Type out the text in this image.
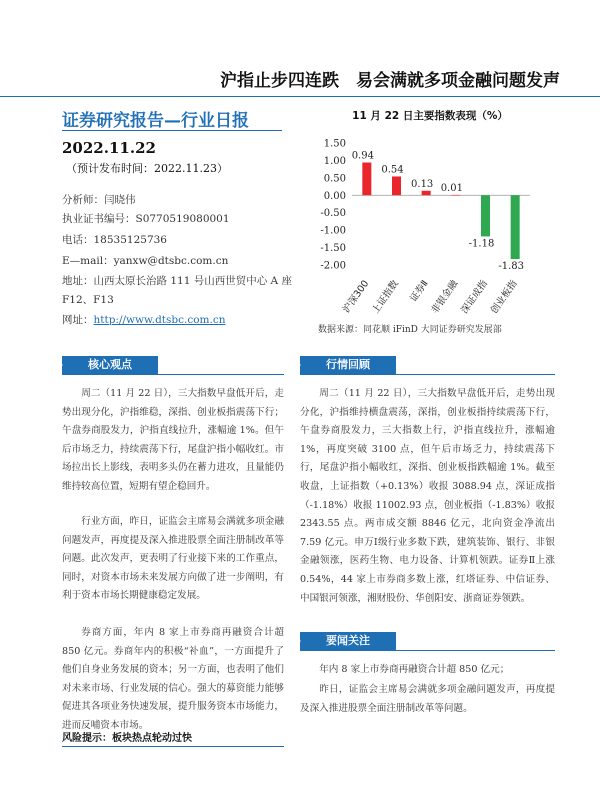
沪指止步四连跌　易会满就多项金融问题发声
证券研究报告—行业日报
2022.11.22
（预计发布时间：2022.11.23）
分析师：闫晓伟
执业证书编号：S0770519080001
电话：18535125736
E—mail：yanxw@dtsbc.com.cn
地址：山西太原长治路 111 号山西世贸中心 A 座
F12、F13
网址：http://www.dtsbc.com.cn
11 月 22 日主要指数表现（%）
1.50
1.00
0.50
0.00
-0.50
-1.00
-1.50
-2.00
0.94
沪深300
0.54
上证指数
0.13
证券Ⅱ
0.01
非银金融
-1.18
深证成指
-1.83
创业板指
数据来源：同花顺 iFinD 大同证券研究发展部
核心观点

周二（11 月 22 日），三大指数早盘低开后，走势出现分化，沪指维稳，深指、创业板指震荡下行；午盘券商股发力，沪指直线拉升，涨幅逾 1%。但午后市场乏力，持续震荡下行，尾盘沪指小幅收红。市场拉出长上影线，表明多头仍在蓄力进攻，且量能仍维持较高位置，短期有望企稳回升。

行业方面，昨日，证监会主席易会满就多项金融问题发声，再度提及深入推进股票全面注册制改革等问题。此次发声，更表明了行业接下来的工作重点，同时，对资本市场未来发展方向做了进一步阐明，有利于资本市场长期健康稳定发展。

券商方面，年内 8 家上市券商再融资合计超 850 亿元。券商年内的积极“补血”，一方面提升了他们自身业务发展的资本；另一方面，也表明了他们对未来市场、行业发展的信心。强大的募资能力能够促进其各项业务快速发展，提升服务资本市场能力，进而反哺资本市场。

风险提示：板块热点轮动过快
行情回顾

周二（11 月 22 日），三大指数早盘低开后，走势出现分化，沪指维持横盘震荡，深指，创业板指持续震荡下行，午盘券商股发力，三大指数上行，沪指直线拉升，涨幅逾 1%，再度突破 3100 点，但午后市场乏力，持续震荡下行，尾盘沪指小幅收红，深指、创业板指跌幅逾 1%。截至收盘，上证指数（+0.13%）收报 3088.94 点，深证成指（-1.18%）收报 11002.93 点，创业板指（-1.83%）收报 2343.55 点。两市成交额 8846 亿元，北向资金净流出 7.59 亿元。申万Ⅰ级行业多数下跌，建筑装饰、银行、非银金融领涨，医药生物、电力设备、计算机领跌。证券Ⅱ上涨 0.54%，44 家上市券商多数上涨，红塔证券、中信证券、中国银河领涨，湘财股份、华创阳安、浙商证券领跌。

要闻关注

年内 8 家上市券商再融资合计超 850 亿元；

昨日，证监会主席易会满就多项金融问题发声，再度提及深入推进股票全面注册制改革等问题。
